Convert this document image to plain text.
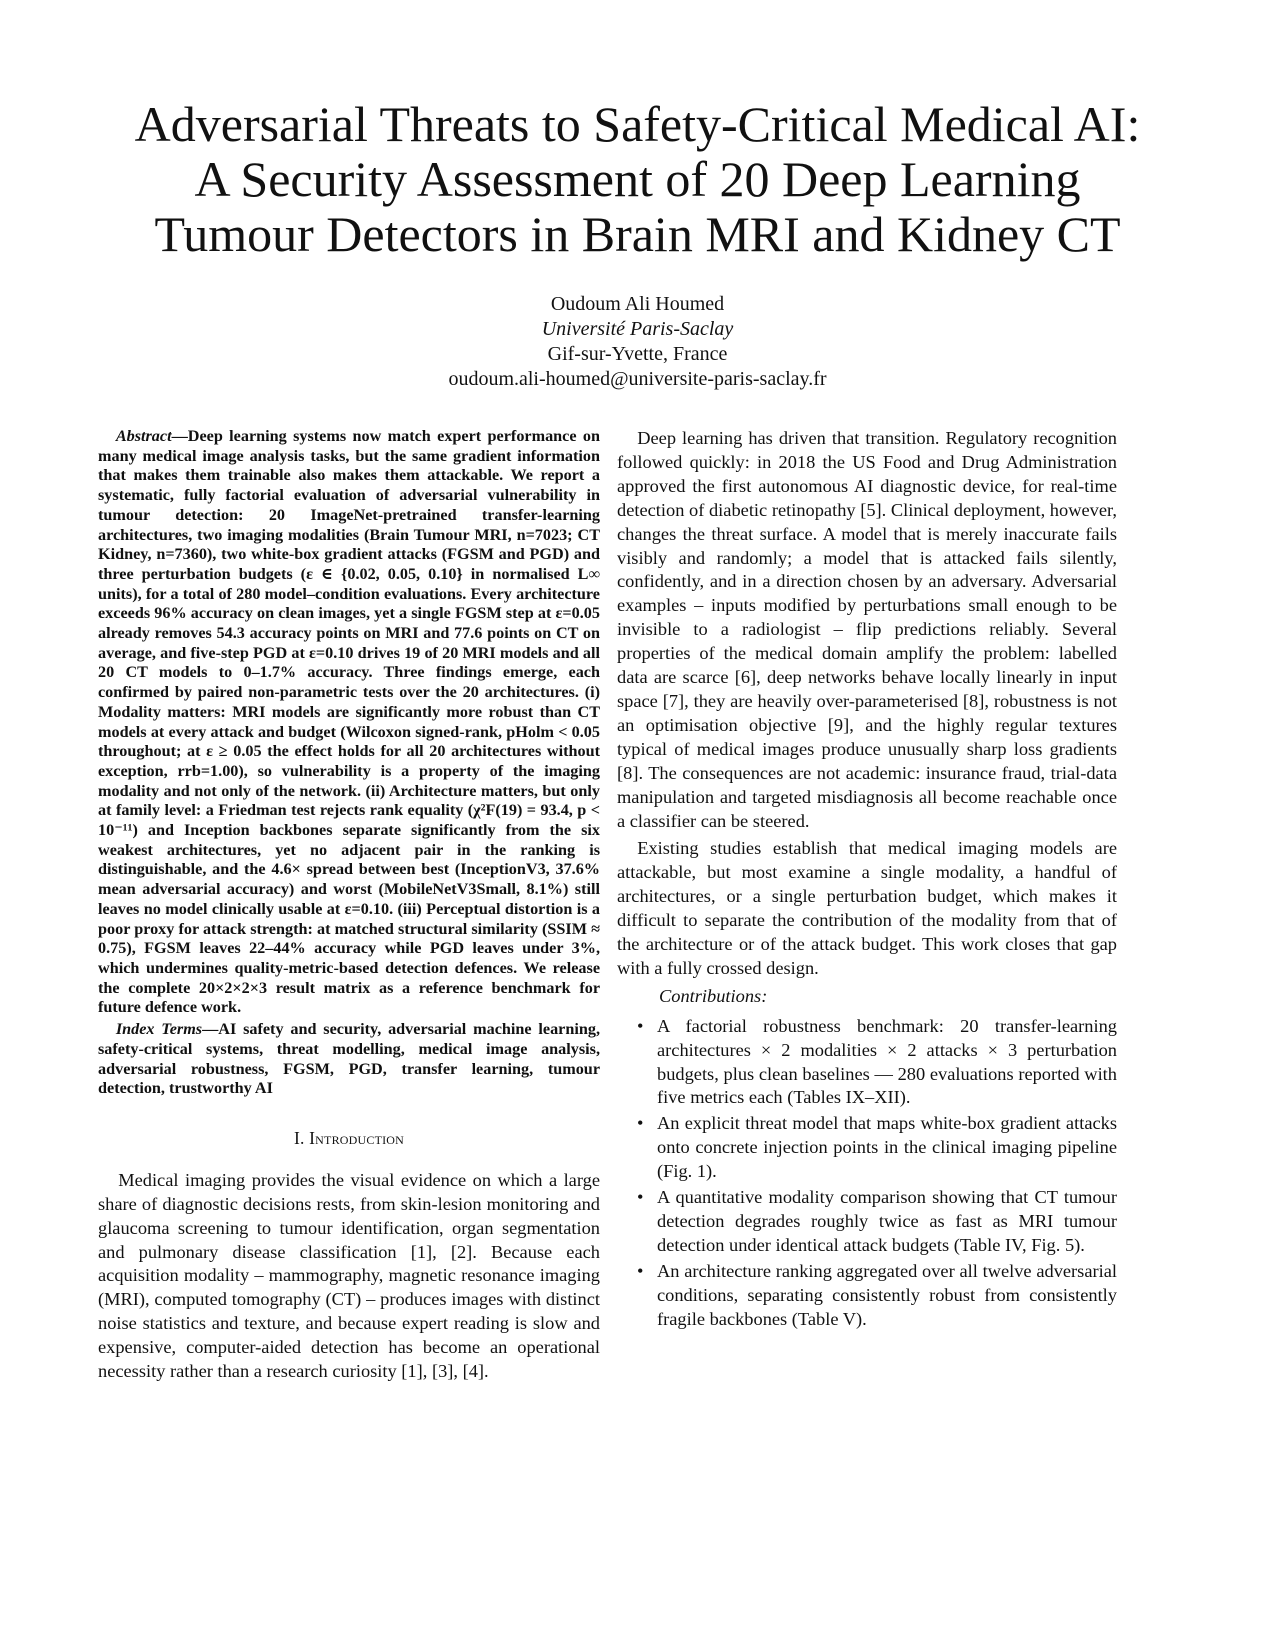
Adversarial Threats to Safety-Critical Medical AI:
A Security Assessment of 20 Deep Learning
Tumour Detectors in Brain MRI and Kidney CT
Oudoum Ali Houmed
Université Paris-Saclay
Gif-sur-Yvette, France
oudoum.ali-houmed@universite-paris-saclay.fr

Abstract—Deep learning systems now match expert performance on many medical image analysis tasks, but the same gradient information that makes them trainable also makes them attackable. We report a systematic, fully factorial evaluation of adversarial vulnerability in tumour detection: 20 ImageNet-pretrained transfer-learning architectures, two imaging modalities (Brain Tumour MRI, n=7023; CT Kidney, n=7360), two white-box gradient attacks (FGSM and PGD) and three perturbation budgets (ε ∈ {0.02, 0.05, 0.10} in normalised L∞ units), for a total of 280 model–condition evaluations. Every architecture exceeds 96% accuracy on clean images, yet a single FGSM step at ε=0.05 already removes 54.3 accuracy points on MRI and 77.6 points on CT on average, and five-step PGD at ε=0.10 drives 19 of 20 MRI models and all 20 CT models to 0–1.7% accuracy. Three findings emerge, each confirmed by paired non-parametric tests over the 20 architectures. (i) Modality matters: MRI models are significantly more robust than CT models at every attack and budget (Wilcoxon signed-rank, pHolm < 0.05 throughout; at ε ≥ 0.05 the effect holds for all 20 architectures without exception, rrb=1.00), so vulnerability is a property of the imaging modality and not only of the network. (ii) Architecture matters, but only at family level: a Friedman test rejects rank equality (χ²F(19) = 93.4, p < 10⁻¹¹) and Inception backbones separate significantly from the six weakest architectures, yet no adjacent pair in the ranking is distinguishable, and the 4.6× spread between best (InceptionV3, 37.6% mean adversarial accuracy) and worst (MobileNetV3Small, 8.1%) still leaves no model clinically usable at ε=0.10. (iii) Perceptual distortion is a poor proxy for attack strength: at matched structural similarity (SSIM ≈ 0.75), FGSM leaves 22–44% accuracy while PGD leaves under 3%, which undermines quality-metric-based detection defences. We release the complete 20×2×2×3 result matrix as a reference benchmark for future defence work.

Index Terms—AI safety and security, adversarial machine learning, safety-critical systems, threat modelling, medical image analysis, adversarial robustness, FGSM, PGD, transfer learning, tumour detection, trustworthy AI

I. Introduction

Medical imaging provides the visual evidence on which a large share of diagnostic decisions rests, from skin-lesion monitoring and glaucoma screening to tumour identification, organ segmentation and pulmonary disease classification [1], [2]. Because each acquisition modality – mammography, magnetic resonance imaging (MRI), computed tomography (CT) – produces images with distinct noise statistics and texture, and because expert reading is slow and expensive, computer-aided detection has become an operational necessity rather than a research curiosity [1], [3], [4].

Deep learning has driven that transition. Regulatory recognition followed quickly: in 2018 the US Food and Drug Administration approved the first autonomous AI diagnostic device, for real-time detection of diabetic retinopathy [5]. Clinical deployment, however, changes the threat surface. A model that is merely inaccurate fails visibly and randomly; a model that is attacked fails silently, confidently, and in a direction chosen by an adversary. Adversarial examples – inputs modified by perturbations small enough to be invisible to a radiologist – flip predictions reliably. Several properties of the medical domain amplify the problem: labelled data are scarce [6], deep networks behave locally linearly in input space [7], they are heavily over-parameterised [8], robustness is not an optimisation objective [9], and the highly regular textures typical of medical images produce unusually sharp loss gradients [8]. The consequences are not academic: insurance fraud, trial-data manipulation and targeted misdiagnosis all become reachable once a classifier can be steered.

Existing studies establish that medical imaging models are attackable, but most examine a single modality, a handful of architectures, or a single perturbation budget, which makes it difficult to separate the contribution of the modality from that of the architecture or of the attack budget. This work closes that gap with a fully crossed design.

Contributions:
• A factorial robustness benchmark: 20 transfer-learning architectures × 2 modalities × 2 attacks × 3 perturbation budgets, plus clean baselines — 280 evaluations reported with five metrics each (Tables IX–XII).
• An explicit threat model that maps white-box gradient attacks onto concrete injection points in the clinical imaging pipeline (Fig. 1).
• A quantitative modality comparison showing that CT tumour detection degrades roughly twice as fast as MRI tumour detection under identical attack budgets (Table IV, Fig. 5).
• An architecture ranking aggregated over all twelve adversarial conditions, separating consistently robust from consistently fragile backbones (Table V).
